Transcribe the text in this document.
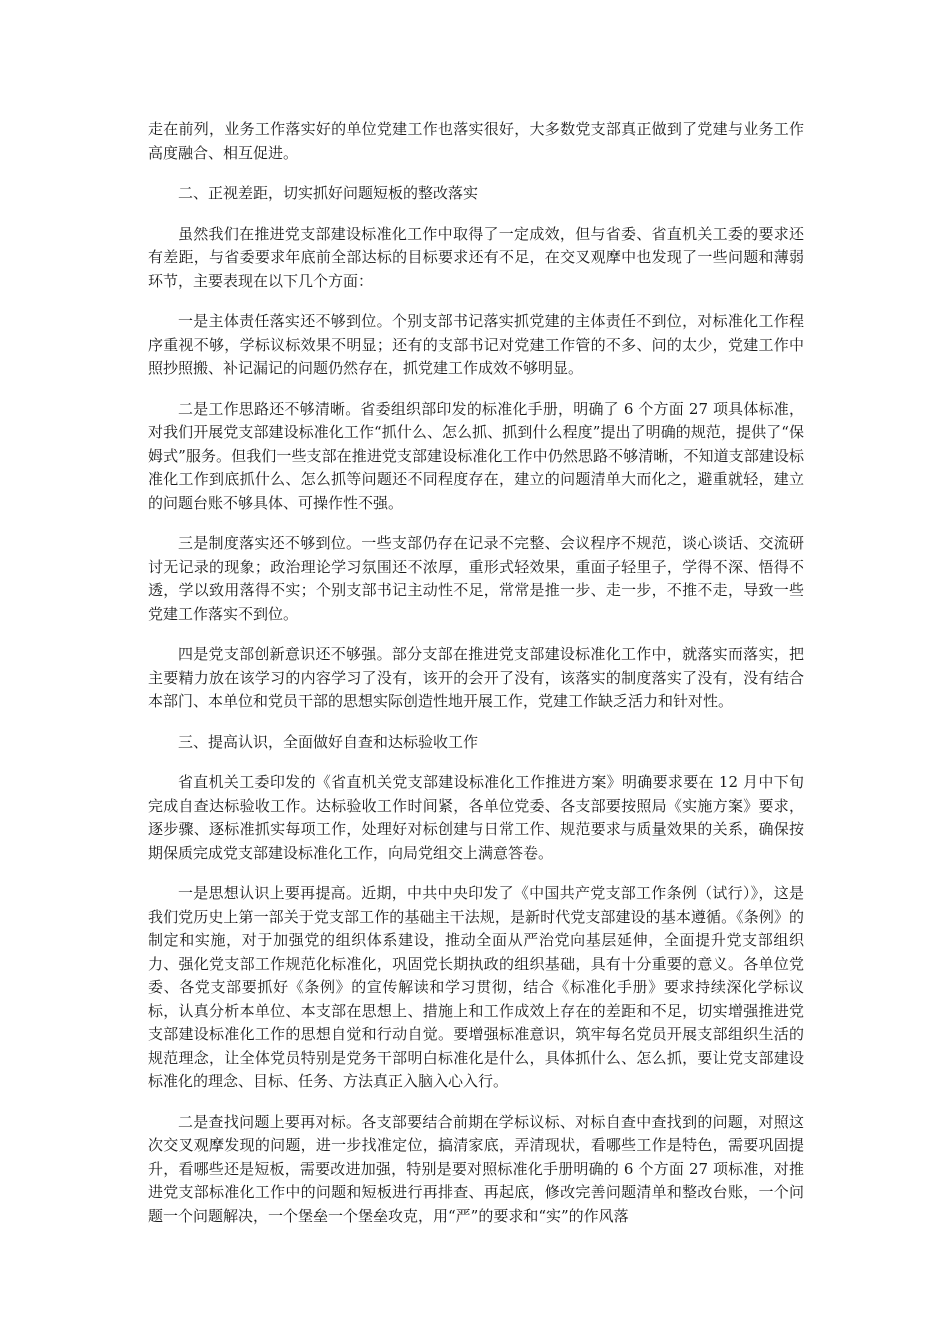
走在前列，业务工作落实好的单位党建工作也落实很好，大多数党支部真正做到了党建与业务工作高度融合、相互促进。

二、正视差距，切实抓好问题短板的整改落实

虽然我们在推进党支部建设标准化工作中取得了一定成效，但与省委、省直机关工委的要求还有差距，与省委要求年底前全部达标的目标要求还有不足，在交叉观摩中也发现了一些问题和薄弱环节，主要表现在以下几个方面：

一是主体责任落实还不够到位。个别支部书记落实抓党建的主体责任不到位，对标准化工作程序重视不够，学标议标效果不明显；还有的支部书记对党建工作管的不多、问的太少，党建工作中照抄照搬、补记漏记的问题仍然存在，抓党建工作成效不够明显。

二是工作思路还不够清晰。省委组织部印发的标准化手册，明确了 6 个方面 27 项具体标准，对我们开展党支部建设标准化工作“抓什么、怎么抓、抓到什么程度”提出了明确的规范，提供了“保姆式”服务。但我们一些支部在推进党支部建设标准化工作中仍然思路不够清晰，不知道支部建设标准化工作到底抓什么、怎么抓等问题还不同程度存在，建立的问题清单大而化之，避重就轻，建立的问题台账不够具体、可操作性不强。

三是制度落实还不够到位。一些支部仍存在记录不完整、会议程序不规范，谈心谈话、交流研讨无记录的现象；政治理论学习氛围还不浓厚，重形式轻效果，重面子轻里子，学得不深、悟得不透，学以致用落得不实；个别支部书记主动性不足，常常是推一步、走一步，不推不走，导致一些党建工作落实不到位。

四是党支部创新意识还不够强。部分支部在推进党支部建设标准化工作中，就落实而落实，把主要精力放在该学习的内容学习了没有，该开的会开了没有，该落实的制度落实了没有，没有结合本部门、本单位和党员干部的思想实际创造性地开展工作，党建工作缺乏活力和针对性。

三、提高认识，全面做好自查和达标验收工作

省直机关工委印发的《省直机关党支部建设标准化工作推进方案》明确要求要在 12 月中下旬完成自查达标验收工作。达标验收工作时间紧，各单位党委、各支部要按照局《实施方案》要求，逐步骤、逐标准抓实每项工作，处理好对标创建与日常工作、规范要求与质量效果的关系，确保按期保质完成党支部建设标准化工作，向局党组交上满意答卷。

一是思想认识上要再提高。近期，中共中央印发了《中国共产党支部工作条例（试行）》，这是我们党历史上第一部关于党支部工作的基础主干法规，是新时代党支部建设的基本遵循。《条例》的制定和实施，对于加强党的组织体系建设，推动全面从严治党向基层延伸，全面提升党支部组织力、强化党支部工作规范化标准化，巩固党长期执政的组织基础，具有十分重要的意义。各单位党委、各党支部要抓好《条例》的宣传解读和学习贯彻，结合《标准化手册》要求持续深化学标议标，认真分析本单位、本支部在思想上、措施上和工作成效上存在的差距和不足，切实增强推进党支部建设标准化工作的思想自觉和行动自觉。要增强标准意识，筑牢每名党员开展支部组织生活的规范理念，让全体党员特别是党务干部明白标准化是什么，具体抓什么、怎么抓，要让党支部建设标准化的理念、目标、任务、方法真正入脑入心入行。

二是查找问题上要再对标。各支部要结合前期在学标议标、对标自查中查找到的问题，对照这次交叉观摩发现的问题，进一步找准定位，搞清家底，弄清现状，看哪些工作是特色，需要巩固提升，看哪些还是短板，需要改进加强，特别是要对照标准化手册明确的 6 个方面 27 项标准，对推进党支部标准化工作中的问题和短板进行再排查、再起底，修改完善问题清单和整改台账，一个问题一个问题解决，一个堡垒一个堡垒攻克，用“严”的要求和“实”的作风落
